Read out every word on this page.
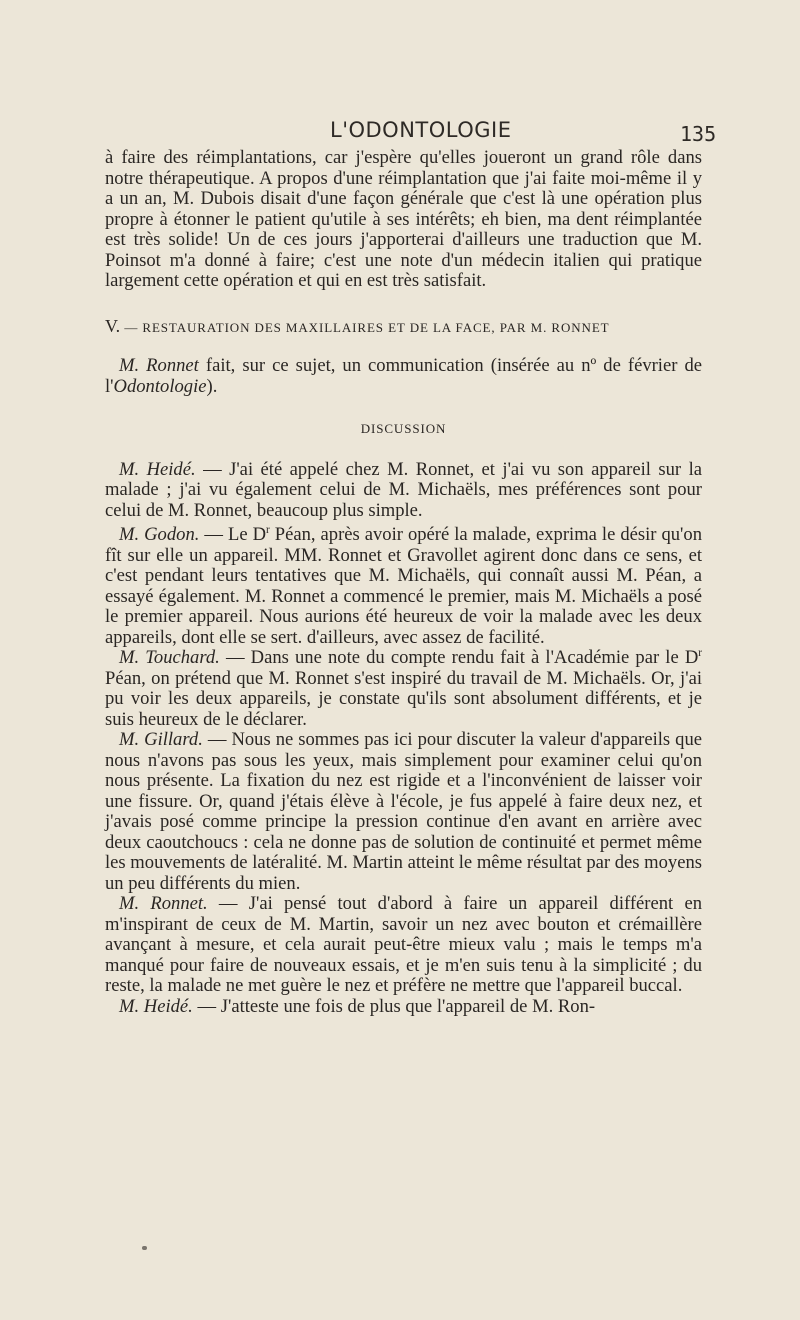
L'ODONTOLOGIE	135

à faire des réimplantations, car j'espère qu'elles joueront un grand rôle dans notre thérapeutique. A propos d'une réimplantation que j'ai faite moi-même il y a un an, M. Dubois disait d'une façon générale que c'est là une opération plus propre à étonner le patient qu'utile à ses intérêts; eh bien, ma dent réimplantée est très solide! Un de ces jours j'apporterai d'ailleurs une traduction que M. Poinsot m'a donné à faire; c'est une note d'un médecin italien qui pratique largement cette opération et qui en est très satisfait.

V. — RESTAURATION DES MAXILLAIRES ET DE LA FACE, PAR M. RONNET

M. Ronnet fait, sur ce sujet, un communication (insérée au nº de février de l'Odontologie).

DISCUSSION

M. Heidé. — J'ai été appelé chez M. Ronnet, et j'ai vu son appareil sur la malade ; j'ai vu également celui de M. Michaëls, mes préférences sont pour celui de M. Ronnet, beaucoup plus simple.

M. Godon. — Le $D^r$ Péan, après avoir opéré la malade, exprima le désir qu'on fît sur elle un appareil. MM. Ronnet et Gravollet agirent donc dans ce sens, et c'est pendant leurs tentatives que M. Michaëls, qui connaît aussi M. Péan, a essayé également. M. Ronnet a commencé le premier, mais M. Michaëls a posé le premier appareil. Nous aurions été heureux de voir la malade avec les deux appareils, dont elle se sert. d'ailleurs, avec assez de facilité.

M. Touchard. — Dans une note du compte rendu fait à l'Académie par le $D^r$ Péan, on prétend que M. Ronnet s'est inspiré du travail de M. Michaëls. Or, j'ai pu voir les deux appareils, je constate qu'ils sont absolument différents, et je suis heureux de le déclarer.

M. Gillard. — Nous ne sommes pas ici pour discuter la valeur d'appareils que nous n'avons pas sous les yeux, mais simplement pour examiner celui qu'on nous présente. La fixation du nez est rigide et a l'inconvénient de laisser voir une fissure. Or, quand j'étais élève à l'école, je fus appelé à faire deux nez, et j'avais posé comme principe la pression continue d'en avant en arrière avec deux caoutchoucs : cela ne donne pas de solution de continuité et permet même les mouvements de latéralité. M. Martin atteint le même résultat par des moyens un peu différents du mien.

M. Ronnet. — J'ai pensé tout d'abord à faire un appareil différent en m'inspirant de ceux de M. Martin, savoir un nez avec bouton et crémaillère avançant à mesure, et cela aurait peut-être mieux valu ; mais le temps m'a manqué pour faire de nouveaux essais, et je m'en suis tenu à la simplicité ; du reste, la malade ne met guère le nez et préfère ne mettre que l'appareil buccal.

M. Heidé. — J'atteste une fois de plus que l'appareil de M. Ron-
